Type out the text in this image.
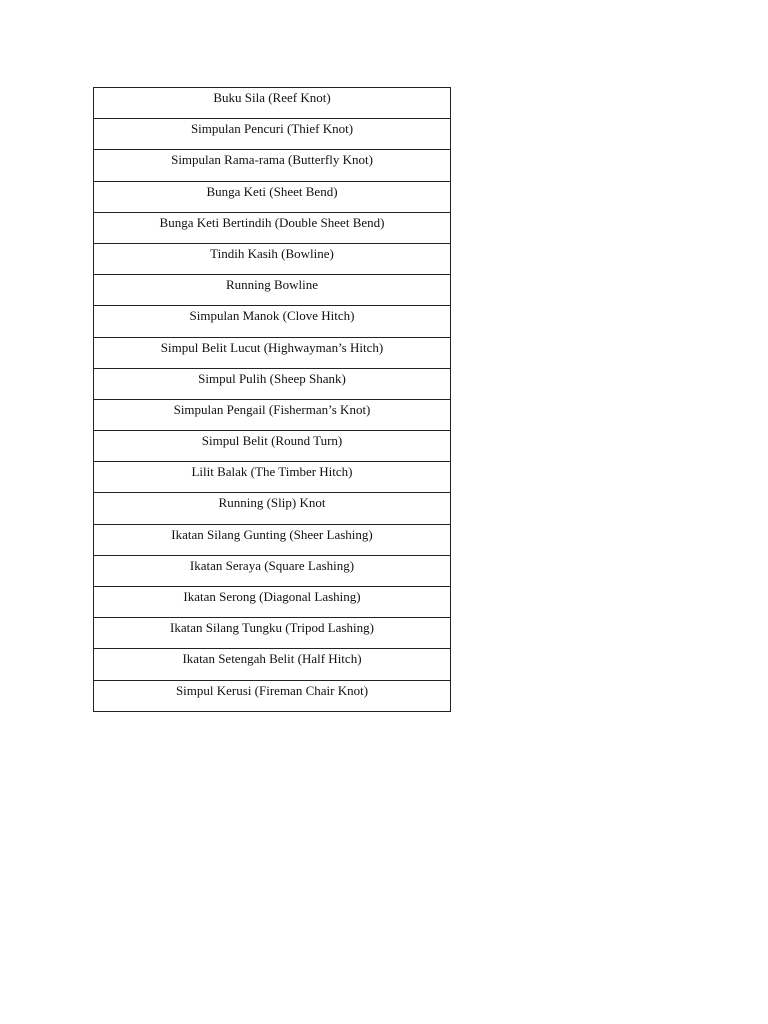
Buku Sila (Reef Knot)

Simpulan Pencuri (Thief Knot)

Simpulan Rama-rama (Butterfly Knot)

Bunga Keti (Sheet Bend)

Bunga Keti Bertindih (Double Sheet Bend)

Tindih Kasih (Bowline)

Running Bowline

Simpulan Manok (Clove Hitch)

Simpul Belit Lucut (Highwayman’s Hitch)

Simpul Pulih (Sheep Shank)

Simpulan Pengail (Fisherman’s Knot)

Simpul Belit (Round Turn)

Lilit Balak (The Timber Hitch)

Running (Slip) Knot

Ikatan Silang Gunting (Sheer Lashing)

Ikatan Seraya (Square Lashing)

Ikatan Serong (Diagonal Lashing)

Ikatan Silang Tungku (Tripod Lashing)

Ikatan Setengah Belit (Half Hitch)

Simpul Kerusi (Fireman Chair Knot)
